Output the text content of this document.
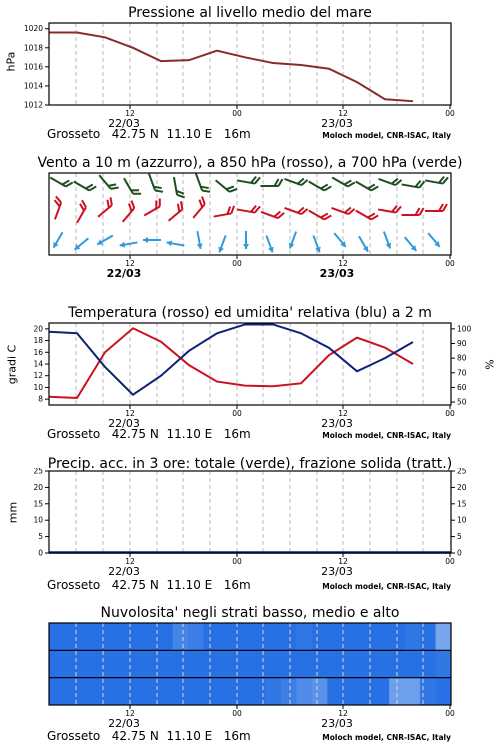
Pressione al livello medio del mare
hPa
1012
1014
1016
1018
1020
12	00	12	00
22/03	23/03
Grosseto 42.75 N 11.10 E 16m	Moloch model, CNR-ISAC, Italy
Vento a 10 m (azzurro), a 850 hPa (rosso), a 700 hPa (verde)
12	00	12	00
22/03	23/03
Temperatura (rosso) ed umidita' relativa (blu) a 2 m
gradi C	%
8
10
12
14
16
18
20
50
60
70
80
90
100
12	00	12	00
22/03	23/03
Grosseto 42.75 N 11.10 E 16m	Moloch model, CNR-ISAC, Italy
Precip. acc. in 3 ore: totale (verde), frazione solida (tratt.)
mm
0
5
10
15
20
25
0
5
10
15
20
25
12	00	12	00
22/03	23/03
Grosseto 42.75 N 11.10 E 16m	Moloch model, CNR-ISAC, Italy
Nuvolosita' negli strati basso, medio e alto
12	00	12	00
22/03	23/03
Grosseto 42.75 N 11.10 E 16m	Moloch model, CNR-ISAC, Italy
